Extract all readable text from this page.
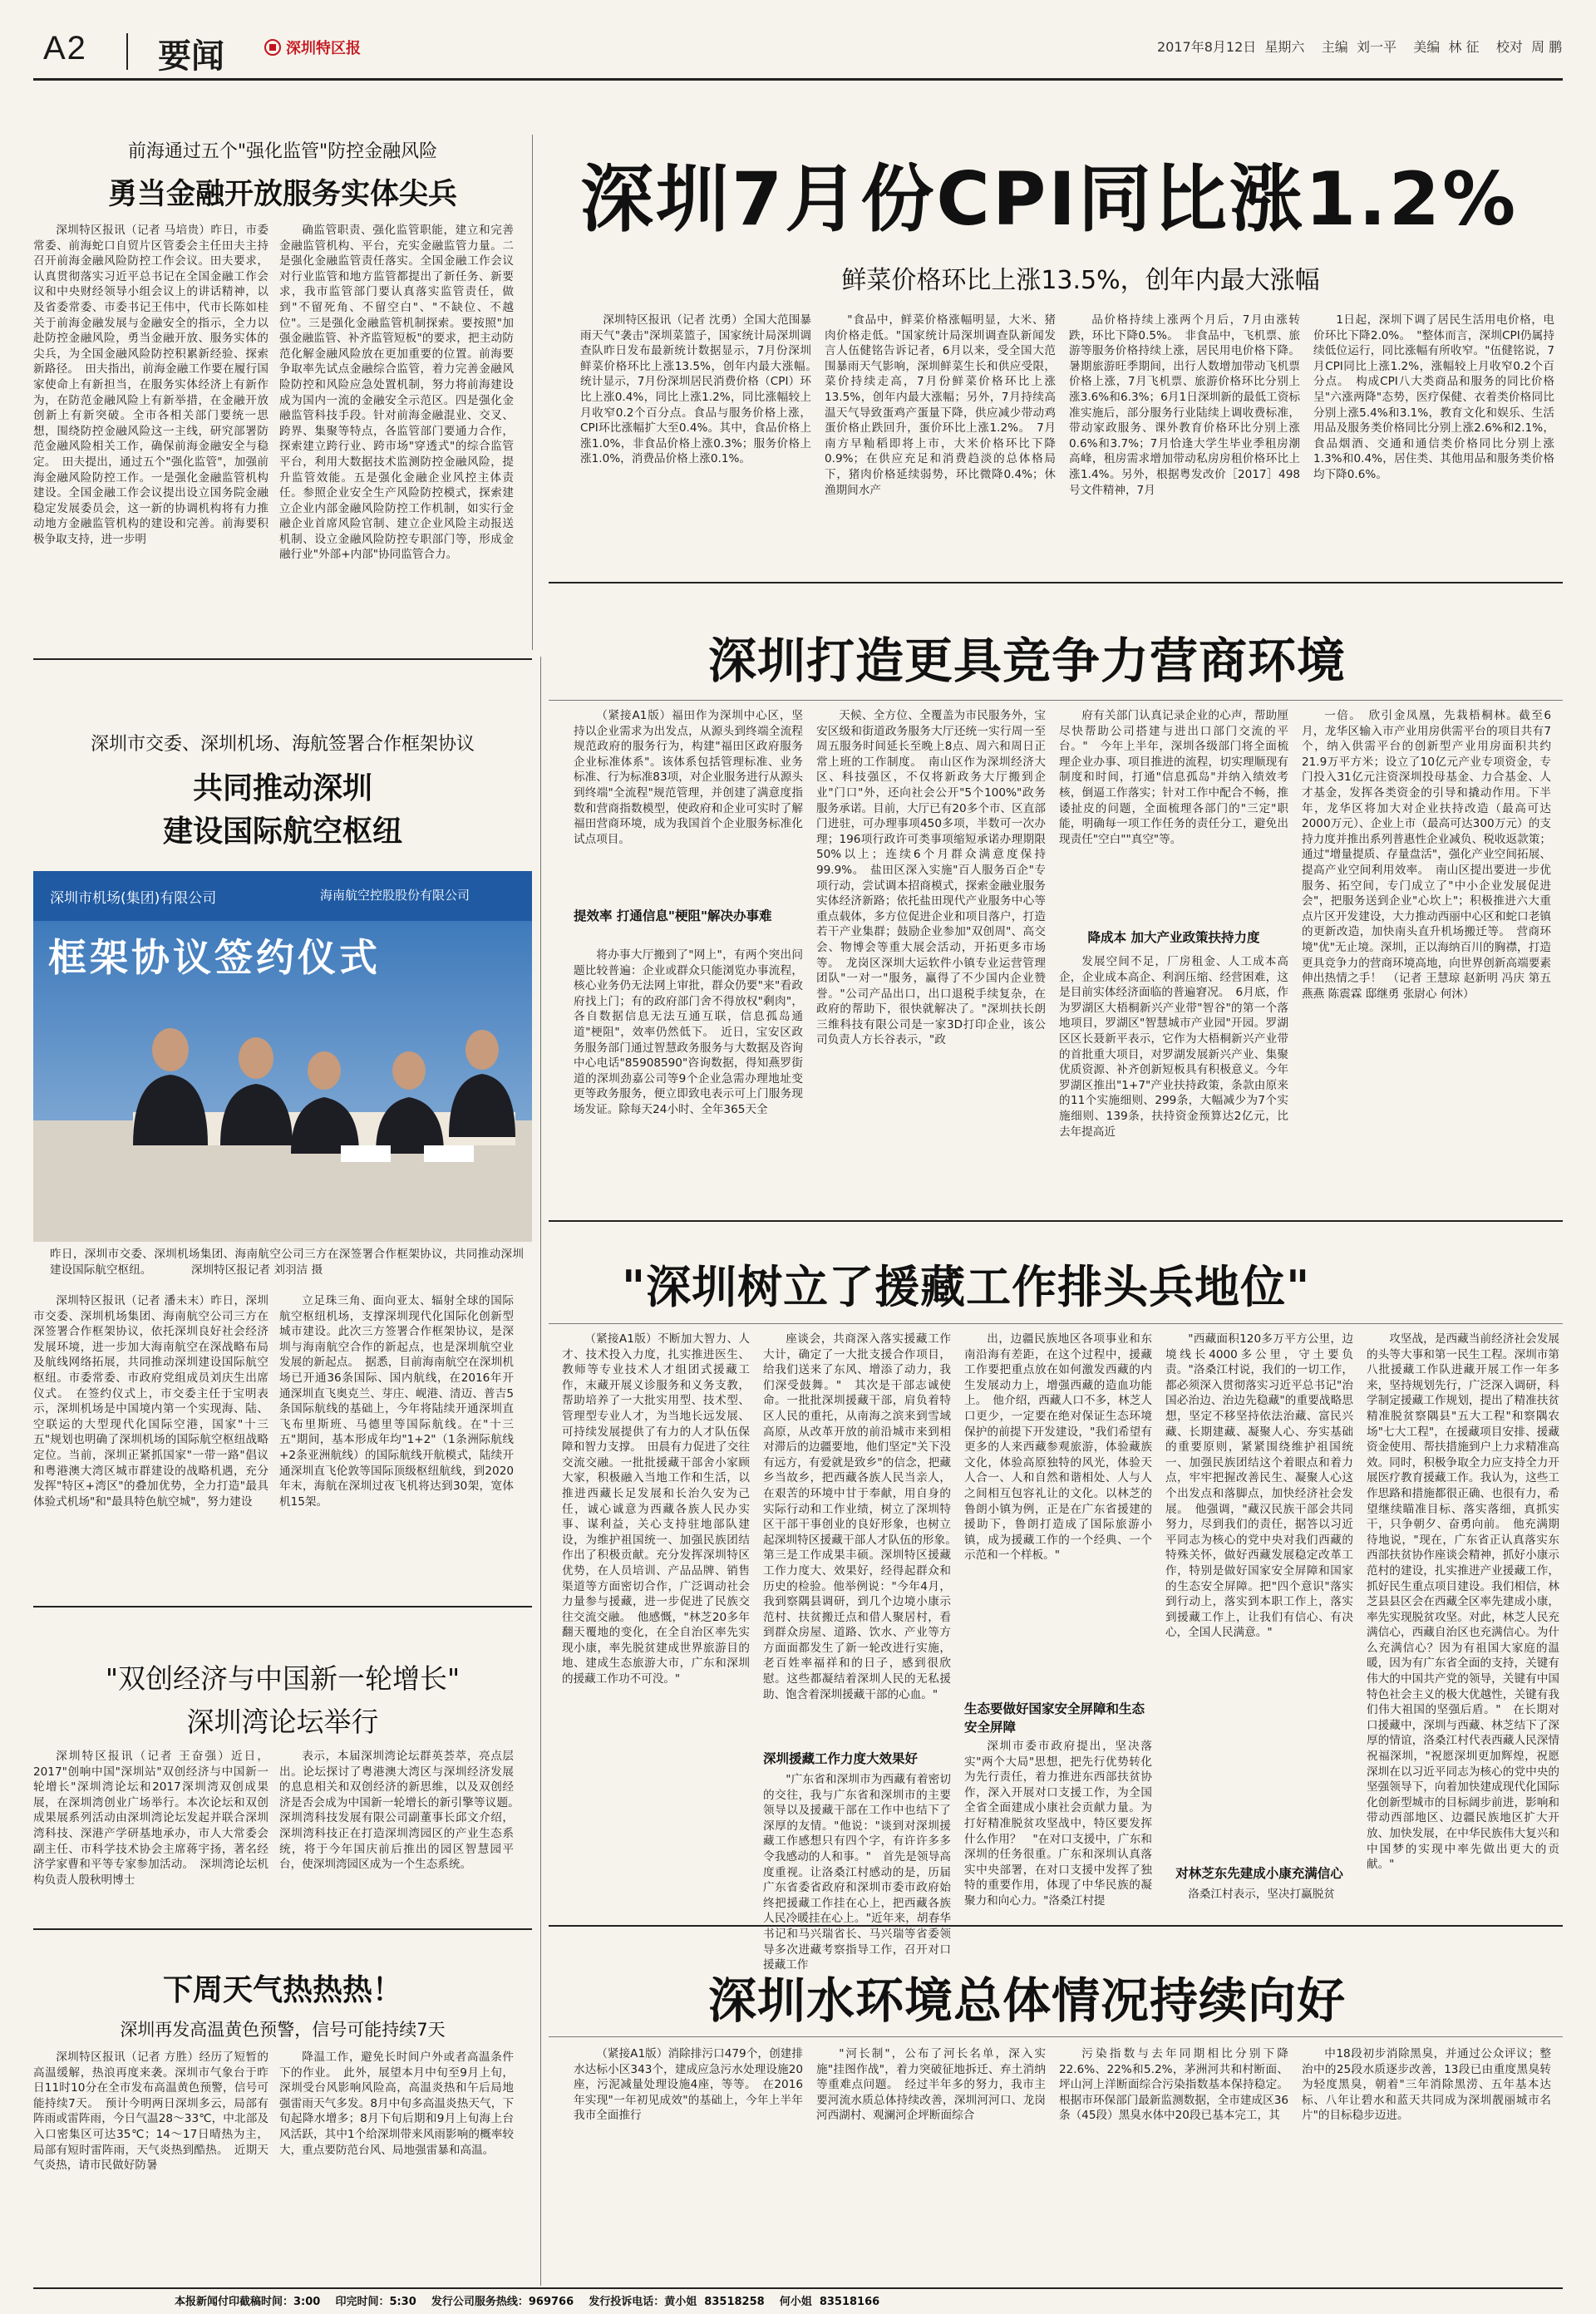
A2 要闻	深圳特区报	2017年8月12日  星期六    主编  刘一平    美编  林 征    校对  周 鹏
前海通过五个"强化监管"防控金融风险
勇当金融开放服务实体尖兵

深圳特区报讯（记者 马培贵）昨日，市委常委、前海蛇口自贸片区管委会主任田夫主持召开前海金融风险防控工作会议。田夫要求，认真贯彻落实习近平总书记在全国金融工作会议和中央财经领导小组会议上的讲话精神，以及省委常委、市委书记王伟中，代市长陈如桂关于前海金融发展与金融安全的指示，全力以赴防控金融风险，勇当金融开放、服务实体的尖兵，为全国金融风险防控积累新经验、探索新路径。　田夫指出，前海金融工作要在履行国家使命上有新担当，在服务实体经济上有新作为，在防范金融风险上有新举措，在金融开放创新上有新突破。全市各相关部门要统一思想，围绕防控金融风险这一主线，研究部署防范金融风险相关工作，确保前海金融安全与稳定。　田夫提出，通过五个"强化监管"，加强前海金融风险防控工作。一是强化金融监管机构建设。全国金融工作会议提出设立国务院金融稳定发展委员会，这一新的协调机构将有力推动地方金融监管机构的建设和完善。前海要积极争取支持，进一步明

确监管职责、强化监管职能，建立和完善金融监管机构、平台，充实金融监管力量。二是强化金融监管责任落实。全国金融工作会议对行业监管和地方监管都提出了新任务、新要求，我市监管部门要认真落实监管责任，做到"不留死角、不留空白"、"不缺位、不越位"。三是强化金融监管机制探索。要按照"加强金融监管、补齐监管短板"的要求，把主动防范化解金融风险放在更加重要的位置。前海要争取率先试点金融综合监管，着力完善金融风险防控和风险应急处置机制，努力将前海建设成为国内一流的金融安全示范区。四是强化金融监管科技手段。针对前海金融混业、交叉、跨界、集聚等特点，各监管部门要通力合作，探索建立跨行业、跨市场"穿透式"的综合监管平台，利用大数据技术监测防控金融风险，提升监管效能。五是强化金融企业风控主体责任。参照企业安全生产风险防控模式，探索建立企业内部金融风险防控工作机制，如实行金融企业首席风险官制、建立企业风险主动报送机制、设立金融风险防控专职部门等，形成金融行业"外部+内部"协同监管合力。

深圳7月份CPI同比涨1.2%
鲜菜价格环比上涨13.5%，创年内最大涨幅

深圳特区报讯（记者 沈勇）全国大范围暴雨天气"袭击"深圳菜篮子，国家统计局深圳调查队昨日发布最新统计数据显示，7月份深圳鲜菜价格环比上涨13.5%，创年内最大涨幅。　统计显示，7月份深圳居民消费价格（CPI）环比上涨0.4%，同比上涨1.2%，同比涨幅较上月收窄0.2个百分点。食品与服务价格上涨，CPI环比涨幅扩大至0.4%。其中，食品价格上涨1.0%，非食品价格上涨0.3%；服务价格上涨1.0%，消费品价格上涨0.1%。

"食品中，鲜菜价格涨幅明显，大米、猪肉价格走低。"国家统计局深圳调查队新闻发言人伍健铭告诉记者，6月以来，受全国大范围暴雨天气影响，深圳鲜菜生长和供应受限，菜价持续走高，7月份鲜菜价格环比上涨13.5%，创年内最大涨幅；另外，7月持续高温天气导致蛋鸡产蛋量下降，供应减少带动鸡蛋价格止跌回升，蛋价环比上涨1.2%。　7月南方早籼稻即将上市，大米价格环比下降0.9%；在供应充足和消费趋淡的总体格局下，猪肉价格延续弱势，环比微降0.4%；休渔期间水产

品价格持续上涨两个月后，7月由涨转跌，环比下降0.5%。　非食品中，飞机票、旅游等服务价格持续上涨，居民用电价格下降。暑期旅游旺季期间，出行人数增加带动飞机票价格上涨，7月飞机票、旅游价格环比分别上涨3.6%和6.3%；6月1日深圳新的最低工资标准实施后，部分服务行业陆续上调收费标准，带动家政服务、课外教育价格环比分别上涨0.6%和3.7%；7月恰逢大学生毕业季租房潮高峰，租房需求增加带动私房房租价格环比上涨1.4%。另外，根据粤发改价［2017］498号文件精神，7月

1日起，深圳下调了居民生活用电价格，电价环比下降2.0%。　"整体而言，深圳CPI仍属持续低位运行，同比涨幅有所收窄。"伍健铭说，7月CPI同比上涨1.2%，涨幅较上月收窄0.2个百分点。　构成CPI八大类商品和服务的同比价格呈"六涨两降"态势，医疗保健、衣着类价格同比分别上涨5.4%和3.1%，教育文化和娱乐、生活用品及服务类价格同比分别上涨2.6%和2.1%，食品烟酒、交通和通信类价格同比分别上涨1.3%和0.4%，居住类、其他用品和服务类价格均下降0.6%。

深圳市交委、深圳机场、海航签署合作框架协议
共同推动深圳
建设国际航空枢纽
框架协议签约仪式
深圳市机场(集团)有限公司	海南航空控股股份有限公司
昨日，深圳市交委、深圳机场集团、海南航空公司三方在深签署合作框架协议，共同推动深圳建设国际航空枢纽。　　　　深圳特区报记者 刘羽洁 摄

深圳特区报讯（记者 潘未末）昨日，深圳市交委、深圳机场集团、海南航空公司三方在深签署合作框架协议，依托深圳良好社会经济发展环境，进一步加大海南航空在深战略布局及航线网络拓展，共同推动深圳建设国际航空枢纽。市委常委、市政府党组成员刘庆生出席仪式。　在签约仪式上，市交委主任于宝明表示，深圳机场是中国境内第一个实现海、陆、空联运的大型现代化国际空港，国家"十三五"规划也明确了深圳机场的国际航空枢纽战略定位。当前，深圳正紧抓国家"一带一路"倡议和粤港澳大湾区城市群建设的战略机遇，充分发挥"特区+湾区"的叠加优势，全力打造"最具体验式机场"和"最具特色航空城"，努力建设

立足珠三角、面向亚太、辐射全球的国际航空枢纽机场，支撑深圳现代化国际化创新型城市建设。此次三方签署合作框架协议，是深圳与海南航空合作的新起点，也是深圳航空业发展的新起点。　据悉，目前海南航空在深圳机场已开通36条国际、国内航线，在2016年开通深圳直飞奥克兰、芽庄、岘港、清迈、普吉5条国际航线的基础上，今年将陆续开通深圳直飞布里斯班、马德里等国际航线。在"十三五"期间，基本形成年均"1+2"（1条洲际航线+2条亚洲航线）的国际航线开航模式，陆续开通深圳直飞伦敦等国际顶级枢纽航线，到2020年末，海航在深圳过夜飞机将达到30架，宽体机15架。

"双创经济与中国新一轮增长"
深圳湾论坛举行

深圳特区报讯（记者 王奋强）近日，2017"创响中国"深圳站"双创经济与中国新一轮增长"深圳湾论坛和2017深圳湾双创成果展，在深圳湾创业广场举行。本次论坛和双创成果展系列活动由深圳湾论坛发起并联合深圳湾科技、深港产学研基地承办，市人大常委会副主任、市科学技术协会主席蒋宇扬，著名经济学家曹和平等专家参加活动。　深圳湾论坛机构负责人殷秋明博士

表示，本届深圳湾论坛群英荟萃，亮点层出。论坛探讨了粤港澳大湾区与深圳经济发展的息息相关和双创经济的新思维，以及双创经济是否会成为中国新一轮增长的新引擎等议题。　深圳湾科技发展有限公司副董事长邱文介绍，深圳湾科技正在打造深圳湾园区的产业生态系统，将于今年国庆前后推出的园区智慧园平台，使深圳湾园区成为一个生态系统。

下周天气热热热！
深圳再发高温黄色预警，信号可能持续7天

深圳特区报讯（记者 方胜）经历了短暂的高温缓解，热浪再度来袭。深圳市气象台于昨日11时10分在全市发布高温黄色预警，信号可能持续7天。　预计今明两日深圳多云，局部有阵雨或雷阵雨，今日气温28～33℃，中北部及入口密集区可达35℃；14～17日晴热为主，局部有短时雷阵雨，天气炎热到酷热。　近期天气炎热，请市民做好防暑

降温工作，避免长时间户外或者高温条件下的作业。　此外，展望本月中旬至9月上旬，深圳受台风影响风险高，高温炎热和午后局地强雷雨天气多发。8月中旬多高温炎热天气，下旬起降水增多；8月下旬后期和9月上旬海上台风活跃，其中1个给深圳带来风雨影响的概率较大，重点要防范台风、局地强雷暴和高温。

深圳打造更具竞争力营商环境

（紧接A1版）福田作为深圳中心区，坚持以企业需求为出发点，从源头到终端全流程规范政府的服务行为，构建"福田区政府服务企业标准体系"。该体系包括管理标准、业务标准、行为标准83项，对企业服务进行从源头到终端"全流程"规范管理，并创建了满意度指数和营商指数模型，使政府和企业可实时了解福田营商环境，成为我国首个企业服务标准化试点项目。

提效率 打通信息"梗阻"解决办事难

将办事大厅搬到了"网上"，有两个突出问题比较普遍：企业或群众只能浏览办事流程，核心业务仍无法网上审批，群众仍要"来"看政府找上门；有的政府部门舍不得放权"剩肉"，各自数据信息无法互通互联，信息孤岛通道"梗阻"，效率仍然低下。　近日，宝安区政务服务部门通过智慧政务服务与大数据及咨询中心电话"85908590"咨询数据，得知燕罗街道的深圳劲嘉公司等9个企业急需办理地址变更等政务服务，便立即致电表示可上门服务现场发证。除每天24小时、全年365天全

天候、全方位、全覆盖为市民服务外，宝安区级和街道政务服务大厅还统一实行周一至周五服务时间延长至晚上8点、周六和周日正常上班的工作制度。　南山区作为深圳经济大区、科技强区，不仅将新政务大厅搬到企业"门口"外，还向社会公开"5个100%"政务服务承诺。目前，大厅已有20多个市、区直部门进驻，可办理事项450多项，半数可一次办理；196项行政许可类事项缩短承诺办理期限50%以上；连续6个月群众满意度保持99.9%。　盐田区深入实施"百人服务百企"专项行动，尝试调本招商模式，探索金融业服务实体经济新路；依托盐田现代产业服务中心等重点载体，多方位促进企业和项目落户，打造若干产业集群；鼓励企业参加"双创周"、高交会、物博会等重大展会活动，开拓更多市场等。　龙岗区深圳大运软件小镇专业运营管理团队"一对一"服务，赢得了不少国内企业赞誉。"公司产品出口，出口退税手续复杂，在政府的帮助下，很快就解决了。"深圳扶长朗三维科技有限公司是一家3D打印企业，该公司负责人方长谷表示，"政

府有关部门认真记录企业的心声，帮助厘尽快帮助公司搭建与进出口部门交流的平台。"　今年上半年，深圳各级部门将全面梳理企业办事、项目推进的流程，切实理顺现有制度和时间，打通"信息孤岛"并纳入绩效考核，倒逼工作落实；针对工作中配合不畅，推诿扯皮的问题，全面梳理各部门的"三定"职能，明确每一项工作任务的责任分工，避免出现责任"空白""真空"等。

降成本 加大产业政策扶持力度

发展空间不足，厂房租金、人工成本高企，企业成本高企、利润压缩、经营困难，这是目前实体经济面临的普遍窘况。　6月底，作为罗湖区大梧桐新兴产业带"智谷"的第一个落地项目，罗湖区"智慧城市产业园"开园。罗湖区区长聂新平表示，它作为大梧桐新兴产业带的首批重大项目，对罗湖发展新兴产业、集聚优质资源、补齐创新短板具有积极意义。今年罗湖区推出"1+7"产业扶持政策，条款由原来的11个实施细则、299条，大幅减少为7个实施细则、139条，扶持资金预算达2亿元，比去年提高近

一倍。　欣引金凤凰，先栽梧桐林。截至6月，龙华区输入市产业用房供需平台的项目共有7个，纳入供需平台的创新型产业用房面积共约21.9万平方米；设立了10亿元产业专项资金，专门投入31亿元注资深圳投母基金、力合基金、人才基金，发挥各类资金的引导和撬动作用。下半年，龙华区将加大对企业扶持改造（最高可达2000万元）、企业上市（最高可达300万元）的支持力度并推出系列普惠性企业减负、税收返款策；通过"增量提质、存量盘活"，强化产业空间拓展、提高产业空间利用效率。　南山区提出要进一步优服务、拓空间，专门成立了"中小企业发展促进会"，把服务送到企业"心坎上"；积极推进六大重点片区开发建设，大力推动西丽中心区和蛇口老镇的更新改造，加快南头直升机场搬迁等。　营商环境"优"无止境。深圳，正以海纳百川的胸襟，打造更具竞争力的营商环境高地，向世界创新高端要素伸出热情之手！　（记者 王慧琼 赵新明 冯庆 第五燕燕 陈震霖 邸继勇 张尉心 何沐）

"深圳树立了援藏工作排头兵地位"

（紧接A1版）不断加大智力、人才、技术投入力度，扎实推进医生、教师等专业技术人才组团式援藏工作，末藏开展义诊服务和义务支教，帮助培养了一大批实用型、技术型、管理型专业人才，为当地长远发展、可持续发展提供了有力的人才队伍保障和智力支撑。　田晨有力促进了交往交流交融。一批批援藏干部舍小家顾大家，积极融入当地工作和生活，以推进西藏长足发展和长治久安为己任，诚心诚意为西藏各族人民办实事、谋利益，关心支持驻地部队建设，为维护祖国统一、加强民族团结作出了积极贡献。充分发挥深圳特区优势，在人员培训、产品品牌、销售渠道等方面密切合作，广泛调动社会力量参与援藏，进一步促进了民族交往交流交融。　他感慨，"林芝20多年翻天覆地的变化，在全自治区率先实现小康，率先脱贫建成世界旅游目的地、建成生态旅游大市，广东和深圳的援藏工作功不可没。"

座谈会，共商深入落实援藏工作大计，确定了一大批支援合作项目，给我们送来了东风、增添了动力，我们深受鼓舞。"　其次是干部志诚使命。一批批深圳援藏干部，肩负着特区人民的重托，从南海之滨来到雪域高原，从改革开放的前沿城市来到相对滞后的边疆要地，他们坚定"关下没有远方，有爱就是致乡"的信念，把藏乡当故乡，把西藏各族人民当亲人，在艰苦的环境中甘于奉献，用自身的实际行动和工作业绩，树立了深圳特区干部干事创业的良好形象，也树立起深圳特区援藏干部人才队伍的形象。　第三是工作成果丰硕。深圳特区援藏工作力度大、效果好，经得起群众和历史的检验。他举例说："今年4月，我到察隅县调研，到几个边境小康示范村、扶贫搬迁点和借人聚居村，看到群众房屋、道路、饮水、产业等方方面面都发生了新一轮改进行实施，老百姓率福祥和的日子，感到很欣慰。这些都凝结着深圳人民的无私援助、饱含着深圳援藏干部的心血。"

深圳援藏工作力度大效果好

"广东省和深圳市为西藏有着密切的交往，我与广东省和深圳市的主要领导以及援藏干部在工作中也结下了深厚的友情。"他说："谈到对深圳援藏工作感想只有四个字，有许许多多令我感动的人和事。"　首先是领导高度重视。让洛桑江村感动的是，历届广东省委省政府和深圳市委市政府始终把援藏工作挂在心上，把西藏各族人民冷暖挂在心上。"近年来，胡春华书记和马兴瑞省长、马兴瑞等省委领导多次进藏考察指导工作，召开对口援藏工作

出，边疆民族地区各项事业和东南沿海有差距，在这个过程中，援藏工作要把重点放在如何激发西藏的内生发展动力上，增强西藏的造血功能上。　他介绍，西藏人口不多，林芝人口更少，一定要在绝对保证生态环境保护的前提下开发建设，"我们希望有更多的人来西藏参观旅游，体验藏族文化，体验高原独特的风光，体验天人合一、人和自然和谐相处、人与人之间相互包容礼让的文化。以林芝的鲁朗小镇为例，正是在广东省援建的援助下，鲁朗打造成了国际旅游小镇，成为援藏工作的一个经典、一个示范和一个样板。"

生态要做好国家安全屏障和生态安全屏障

深圳市委市政府提出，坚决落实"两个大局"思想，把先行优势转化为先行责任，着力推进东西部扶贫协作，深入开展对口支援工作，为全国全省全面建成小康社会贡献力量。为打好精准脱贫攻坚战中，特区要发挥什么作用？　"在对口支援中，广东和深圳的任务很重。广东和深圳认真落实中央部署，在对口支援中发挥了独特的重要作用，体现了中华民族的凝聚力和向心力。"洛桑江村提

"西藏面积120多万平方公里，边境线长4000多公里，守土要负责。"洛桑江村说，我们的一切工作，都必须深入贯彻落实习近平总书记"治国必治边、治边先稳藏"的重要战略思想，坚定不移坚持依法治藏、富民兴藏、长期建藏、凝聚人心、夯实基础的重要原则，紧紧围绕维护祖国统一、加强民族团结这个着眼点和着力点，牢牢把握改善民生、凝聚人心这个出发点和落脚点，加快经济社会发展。　他强调，"藏汉民族干部会共同努力，尽到我们的责任，据答以习近平同志为核心的党中央对我们西藏的特殊关怀，做好西藏发展稳定改革工作，特别是做好国家安全屏障和国家的生态安全屏障。把"四个意识"落实到行动上，落实到本职工作上，落实到援藏工作上，让我们有信心、有决心，全国人民满意。"

对林芝东先建成小康充满信心

洛桑江村表示，坚决打赢脱贫

攻坚战，是西藏当前经济社会发展的头等大事和第一民生工程。深圳市第八批援藏工作队进藏开展工作一年多来，坚持规划先行，广泛深入调研，科学制定援藏工作规划，提出了精准扶贫精准脱贫察隅县"五大工程"和察隅农场"七大工程"，在援藏项目安排、援藏资金使用、帮扶措施到户上力求精准高效。同时，积极争取全力应支持全力开展医疗教育援藏工作。我认为，这些工作思路和措施都很正确、也很有力，希望继续瞄准目标、落实落细，真抓实干，只争朝夕、奋勇向前。　他充满期待地说，"现在，广东省正认真落实东西部扶贫协作座谈会精神，抓好小康示范村的建设，扎实推进产业援藏工作，抓好民生重点项目建设。我们相信，林芝县县区会在西藏全区率先建成小康，率先实现脱贫攻坚。对此，林芝人民充满信心，西藏自治区也充满信心。为什么充满信心？因为有祖国大家庭的温暖，因为有广东省全面的支持，关键有伟大的中国共产党的领导，关键有中国特色社会主义的极大优越性，关键有我们伟大祖国的坚强后盾。"　在长期对口援藏中，深圳与西藏、林芝结下了深厚的情谊，洛桑江村代表西藏人民深情祝福深圳，"祝愿深圳更加辉煌，祝愿深圳在以习近平同志为核心的党中央的坚强领导下，向着加快建成现代化国际化创新型城市的目标阔步前进，影响和带动西部地区、边疆民族地区扩大开放、加快发展，在中华民族伟大复兴和中国梦的实现中率先做出更大的贡献。"

深圳水环境总体情况持续向好

（紧接A1版）消除排污口479个，创建排水达标小区343个，建成应急污水处理设施20座，污泥减量处理设施4座，等等。　在2016年实现"一年初见成效"的基础上，今年上半年我市全面推行

"河长制"，公布了河长名单，深入实施"挂图作战"，着力突破征地拆迁、弃土消纳等重难点问题。　经过半年多的努力，我市主要河流水质总体持续改善，深圳河河口、龙岗河西湖村、观澜河企坪断面综合

污染指数与去年同期相比分别下降22.6%、22%和5.2%，茅洲河共和村断面、坪山河上洋断面综合污染指数基本保持稳定。根据市环保部门最新监测数据，全市建成区36条（45段）黑臭水体中20段已基本完工，其

中18段初步消除黑臭，并通过公众评议；整治中的25段水质逐步改善，13段已由重度黑臭转为轻度黑臭，朝着"三年消除黑涝、五年基本达标、八年让碧水和蓝天共同成为深圳靓丽城市名片"的目标稳步迈进。

本报新闻付印截稿时间：3:00    印完时间：5:30    发行公司服务热线：969766    发行投诉电话：黄小姐  83518258    何小姐  83518166
